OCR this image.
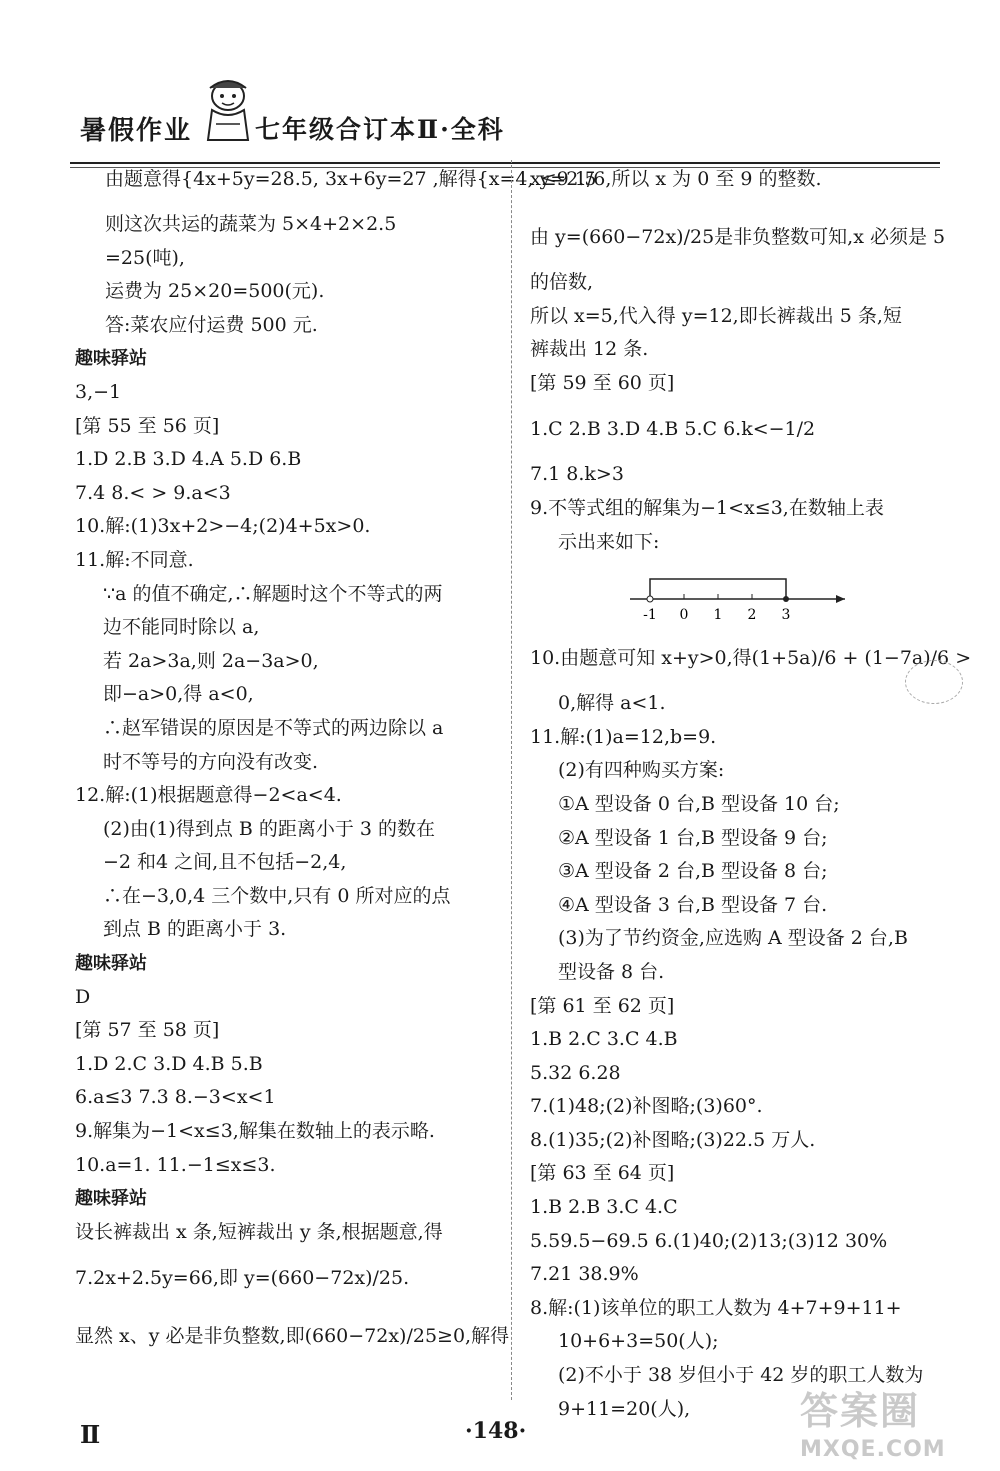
暑假作业	七年级合订本Ⅱ·全科
由题意得{4x+5y=28.5, 3x+6y=27 ,解得{x=4, y=2.5
则这次共运的蔬菜为 5×4+2×2.5
=25(吨),
运费为 25×20=500(元).
答:菜农应付运费 500 元.
趣味驿站
3,−1
[第 55 至 56 页]
1.D 2.B 3.D 4.A 5.D 6.B
7.4 8.< > 9.a<3
10.解:(1)3x+2>−4;(2)4+5x>0.
11.解:不同意.
∵a 的值不确定,∴解题时这个不等式的两
边不能同时除以 a,
若 2a>3a,则 2a−3a>0,
即−a>0,得 a<0,
∴赵军错误的原因是不等式的两边除以 a
时不等号的方向没有改变.
12.解:(1)根据题意得−2<a<4.
(2)由(1)得到点 B 的距离小于 3 的数在
−2 和4 之间,且不包括−2,4,
∴在−3,0,4 三个数中,只有 0 所对应的点
到点 B 的距离小于 3.
趣味驿站
D
[第 57 至 58 页]
1.D 2.C 3.D 4.B 5.B
6.a≤3 7.3 8.−3<x<1
9.解集为−1<x≤3,解集在数轴上的表示略.
10.a=1. 11.−1≤x≤3.
趣味驿站
设长裤裁出 x 条,短裤裁出 y 条,根据题意,得
7.2x+2.5y=66,即 y=(660−72x)/25.
显然 x、y 必是非负整数,即(660−72x)/25≥0,解得
x≤9 1/6,所以 x 为 0 至 9 的整数.
由 y=(660−72x)/25是非负整数可知,x 必须是 5
的倍数,
所以 x=5,代入得 y=12,即长裤裁出 5 条,短
裤裁出 12 条.
[第 59 至 60 页]
1.C 2.B 3.D 4.B 5.C 6.k<−1/2
7.1 8.k>3
9.不等式组的解集为−1<x≤3,在数轴上表
示出来如下:
-1 0 1 2 3
10.由题意可知 x+y>0,得(1+5a)/6 + (1−7a)/6 >
0,解得 a<1.
11.解:(1)a=12,b=9.
(2)有四种购买方案:
①A 型设备 0 台,B 型设备 10 台;
②A 型设备 1 台,B 型设备 9 台;
③A 型设备 2 台,B 型设备 8 台;
④A 型设备 3 台,B 型设备 7 台.
(3)为了节约资金,应选购 A 型设备 2 台,B
型设备 8 台.
[第 61 至 62 页]
1.B 2.C 3.C 4.B
5.32 6.28
7.(1)48;(2)补图略;(3)60°.
8.(1)35;(2)补图略;(3)22.5 万人.
[第 63 至 64 页]
1.B 2.B 3.C 4.C
5.59.5−69.5 6.(1)40;(2)13;(3)12 30%
7.21 38.9%
8.解:(1)该单位的职工人数为 4+7+9+11+
10+6+3=50(人);
(2)不小于 38 岁但小于 42 岁的职工人数为
9+11=20(人),
Ⅱ	·148·	答案圈
MXQE.COM
